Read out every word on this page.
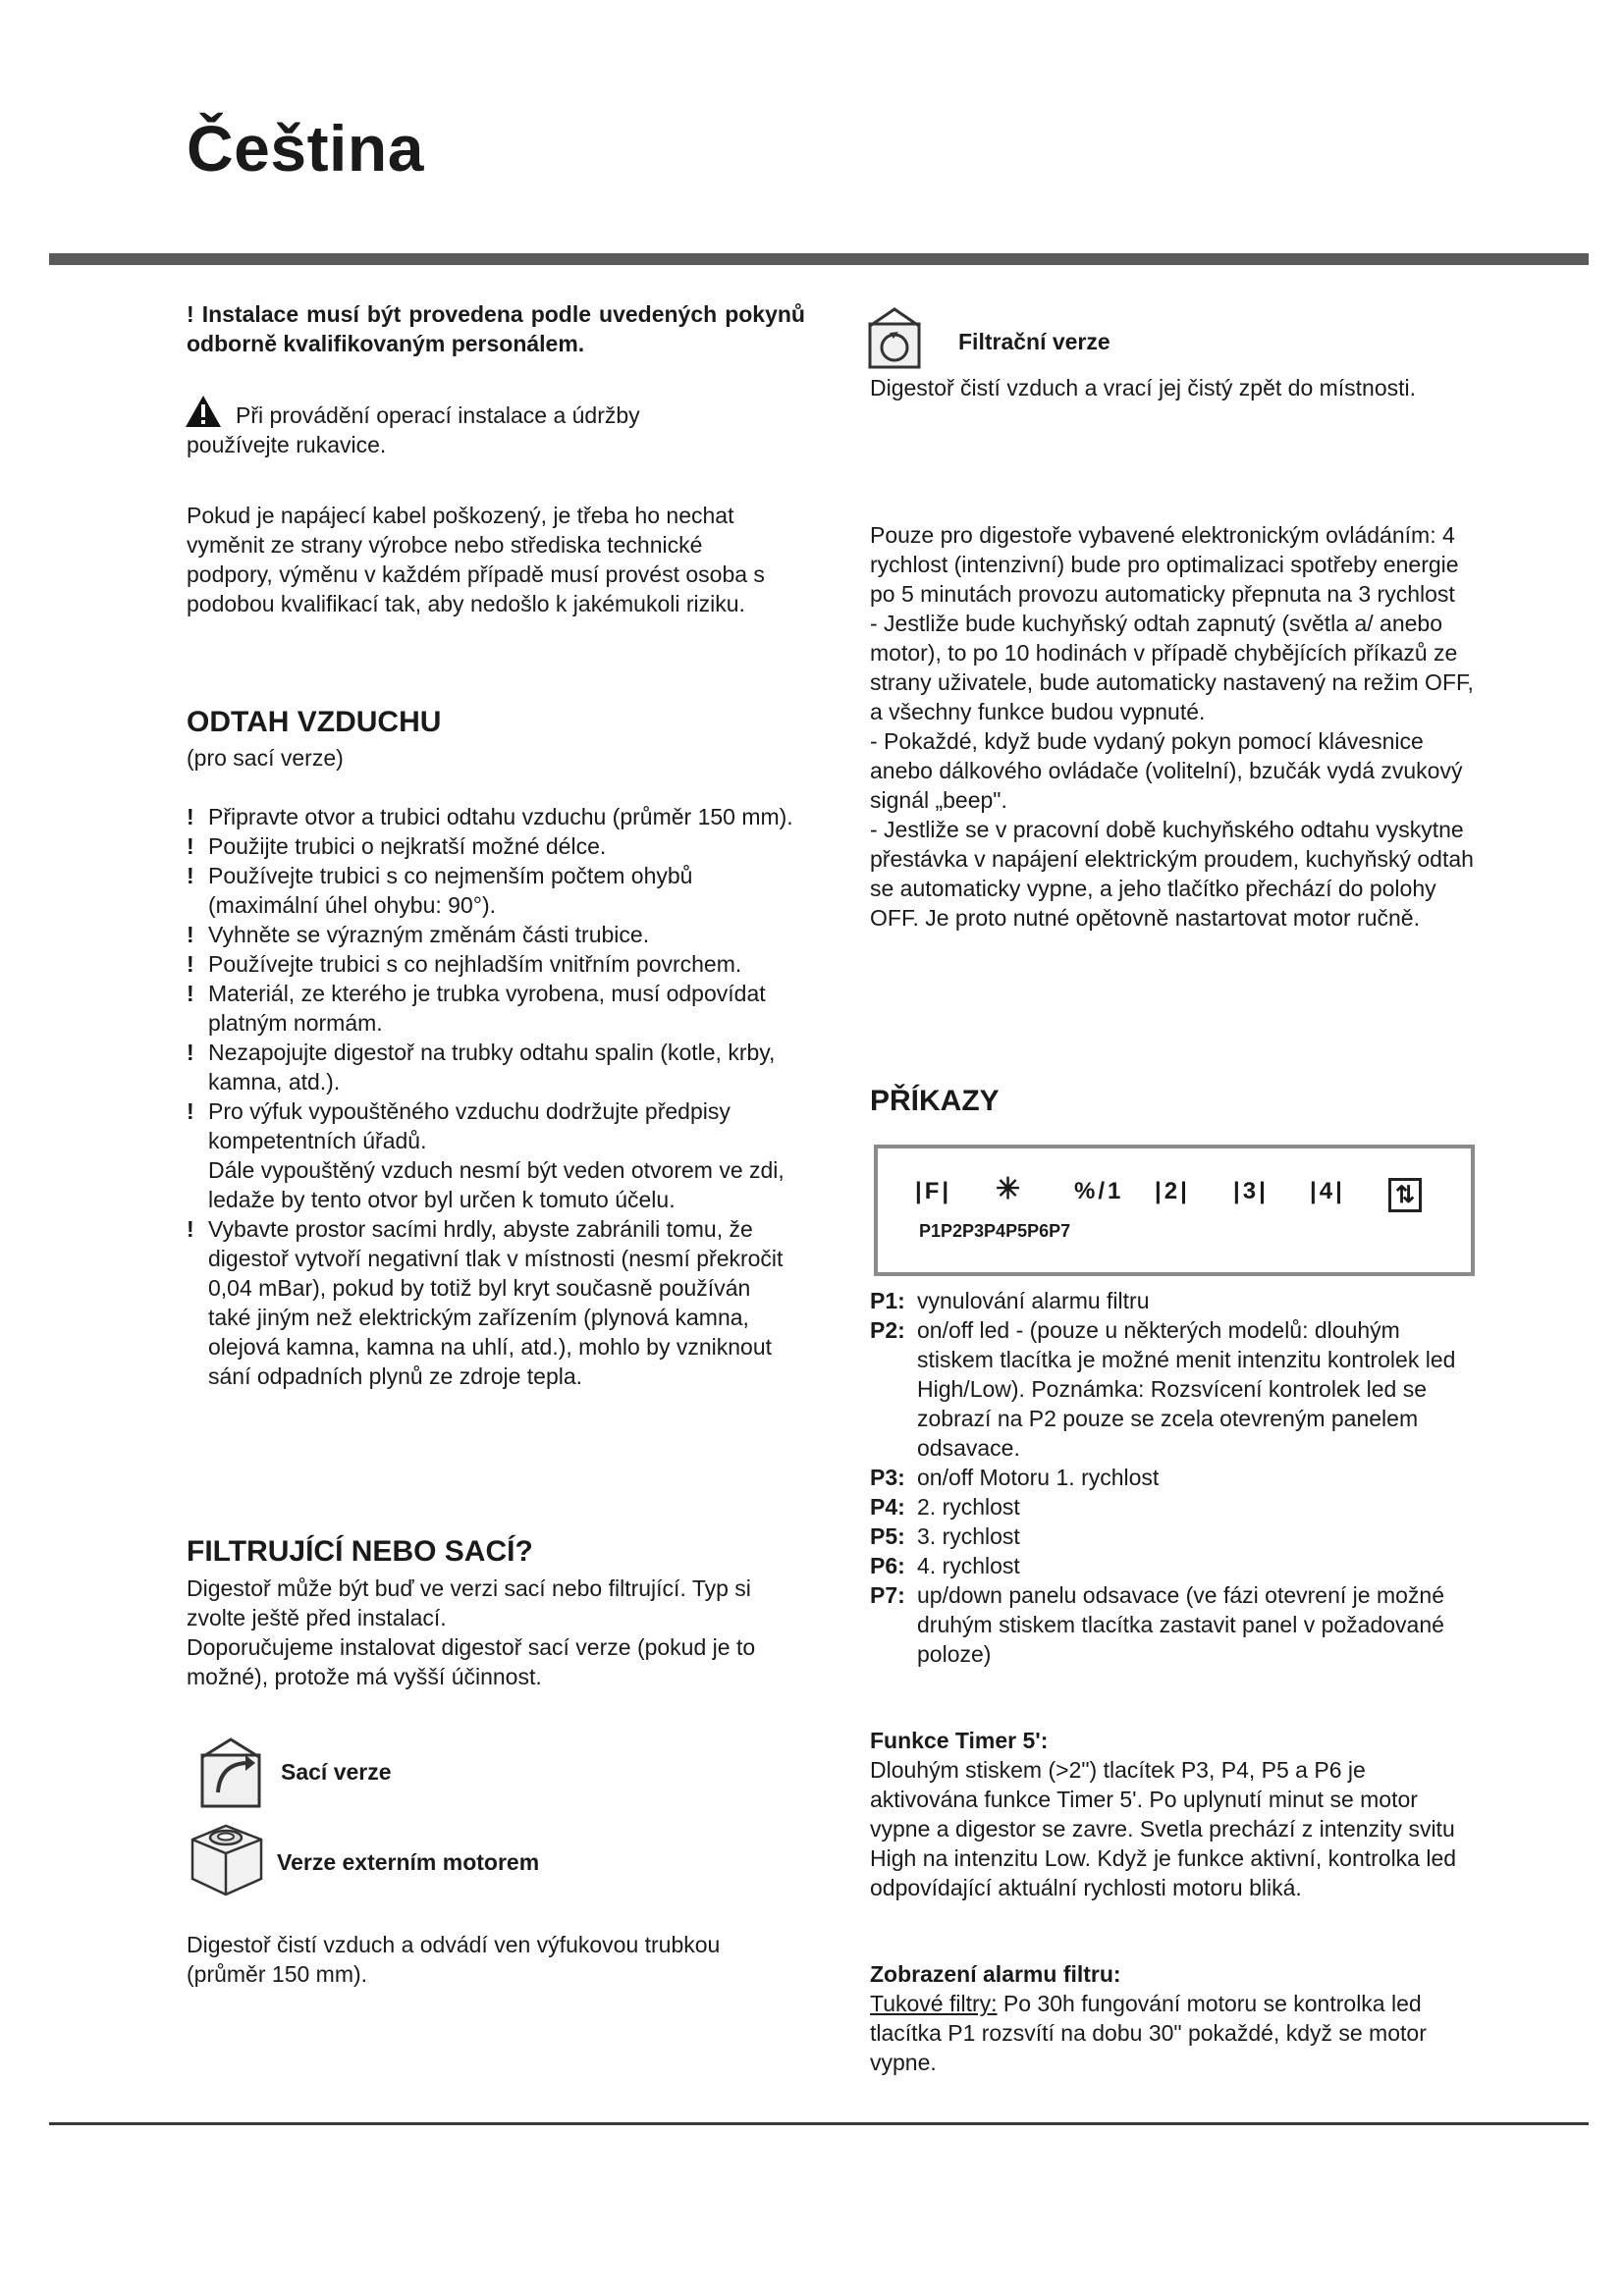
Čeština
! Instalace musí být provedena podle uvedených pokynů odborně kvalifikovaným personálem.
Při provádění operací instalace a údržby používejte rukavice.
Pokud je napájecí kabel poškozený, je třeba ho nechat vyměnit ze strany výrobce nebo střediska technické podpory, výměnu v každém případě musí provést osoba s podobou kvalifikací tak, aby nedošlo k jakémukoli riziku.
ODTAH VZDUCHU
(pro sací verze)
! Připravte otvor a trubici odtahu vzduchu (průměr 150 mm).
! Použijte trubici o nejkratší možné délce.
! Používejte trubici s co nejmenším počtem ohybů (maximální úhel ohybu: 90°).
! Vyhněte se výrazným změnám části trubice.
! Používejte trubici s co nejhladším vnitřním povrchem.
! Materiál, ze kterého je trubka vyrobena, musí odpovídat platným normám.
! Nezapojujte digestoř na trubky odtahu spalin (kotle, krby, kamna, atd.).
! Pro výfuk vypouštěného vzduchu dodržujte předpisy kompetentních úřadů.
Dále vypouštěný vzduch nesmí být veden otvorem ve zdi, ledaže by tento otvor byl určen k tomuto účelu.
! Vybavte prostor sacími hrdly, abyste zabránili tomu, že digestoř vytvoří negativní tlak v místnosti (nesmí překročit 0,04 mBar), pokud by totiž byl kryt současně používán také jiným než elektrickým zařízením (plynová kamna, olejová kamna, kamna na uhlí, atd.), mohlo by vzniknout sání odpadních plynů ze zdroje tepla.
FILTRUJÍCÍ NEBO SACÍ?
Digestoř může být buď ve verzi sací nebo filtrující. Typ si zvolte ještě před instalací.
Doporučujeme instalovat digestoř sací verze (pokud je to možné), protože má vyšší účinnost.
Sací verze
Verze externím motorem
Digestoř čistí vzduch a odvádí ven výfukovou trubkou (průměr 150 mm).
Filtrační verze
Digestoř čistí vzduch a vrací jej čistý zpět do místnosti.

Pouze pro digestoře vybavené elektronickým ovládáním: 4 rychlost (intenzivní) bude pro optimalizaci spotřeby energie po 5 minutách provozu automaticky přepnuta na 3 rychlost

- Jestliže bude kuchyňský odtah zapnutý (světla a/ anebo motor), to po 10 hodinách v případě chybějících příkazů ze strany uživatele, bude automaticky nastavený na režim OFF, a všechny funkce budou vypnuté.

- Pokaždé, když bude vydaný pokyn pomocí klávesnice anebo dálkového ovládače (volitelní), bzučák vydá zvukový signál „beep".

- Jestliže se v pracovní době kuchyňského odtahu vyskytne přestávka v napájení elektrickým proudem, kuchyňský odtah se automaticky vypne, a jeho tlačítko přechází do polohy OFF. Je proto nutné opětovně nastartovat motor ručně.

PŘÍKAZY
|F| ✳ %/1 |2| |3| |4| ⇅
P1P2P3P4P5P6P7
P1: vynulování alarmu filtru
P2: on/off led - (pouze u některých modelů: dlouhým stiskem tlacítka je možné menit intenzitu kontrolek led High/Low). Poznámka: Rozsvícení kontrolek led se zobrazí na P2 pouze se zcela otevreným panelem odsavace.
P3: on/off Motoru 1. rychlost
P4: 2. rychlost
P5: 3. rychlost
P6: 4. rychlost
P7: up/down panelu odsavace (ve fázi otevrení je možné druhým stiskem tlacítka zastavit panel v požadované poloze)
Funkce Timer 5':
Dlouhým stiskem (>2") tlacítek P3, P4, P5 a P6 je aktivována funkce Timer 5'. Po uplynutí minut se motor vypne a digestor se zavre. Svetla prechází z intenzity svitu High na intenzitu Low. Když je funkce aktivní, kontrolka led odpovídající aktuální rychlosti motoru bliká.
Zobrazení alarmu filtru:
Tukové filtry: Po 30h fungování motoru se kontrolka led tlacítka P1 rozsvítí na dobu 30" pokaždé, když se motor vypne.
